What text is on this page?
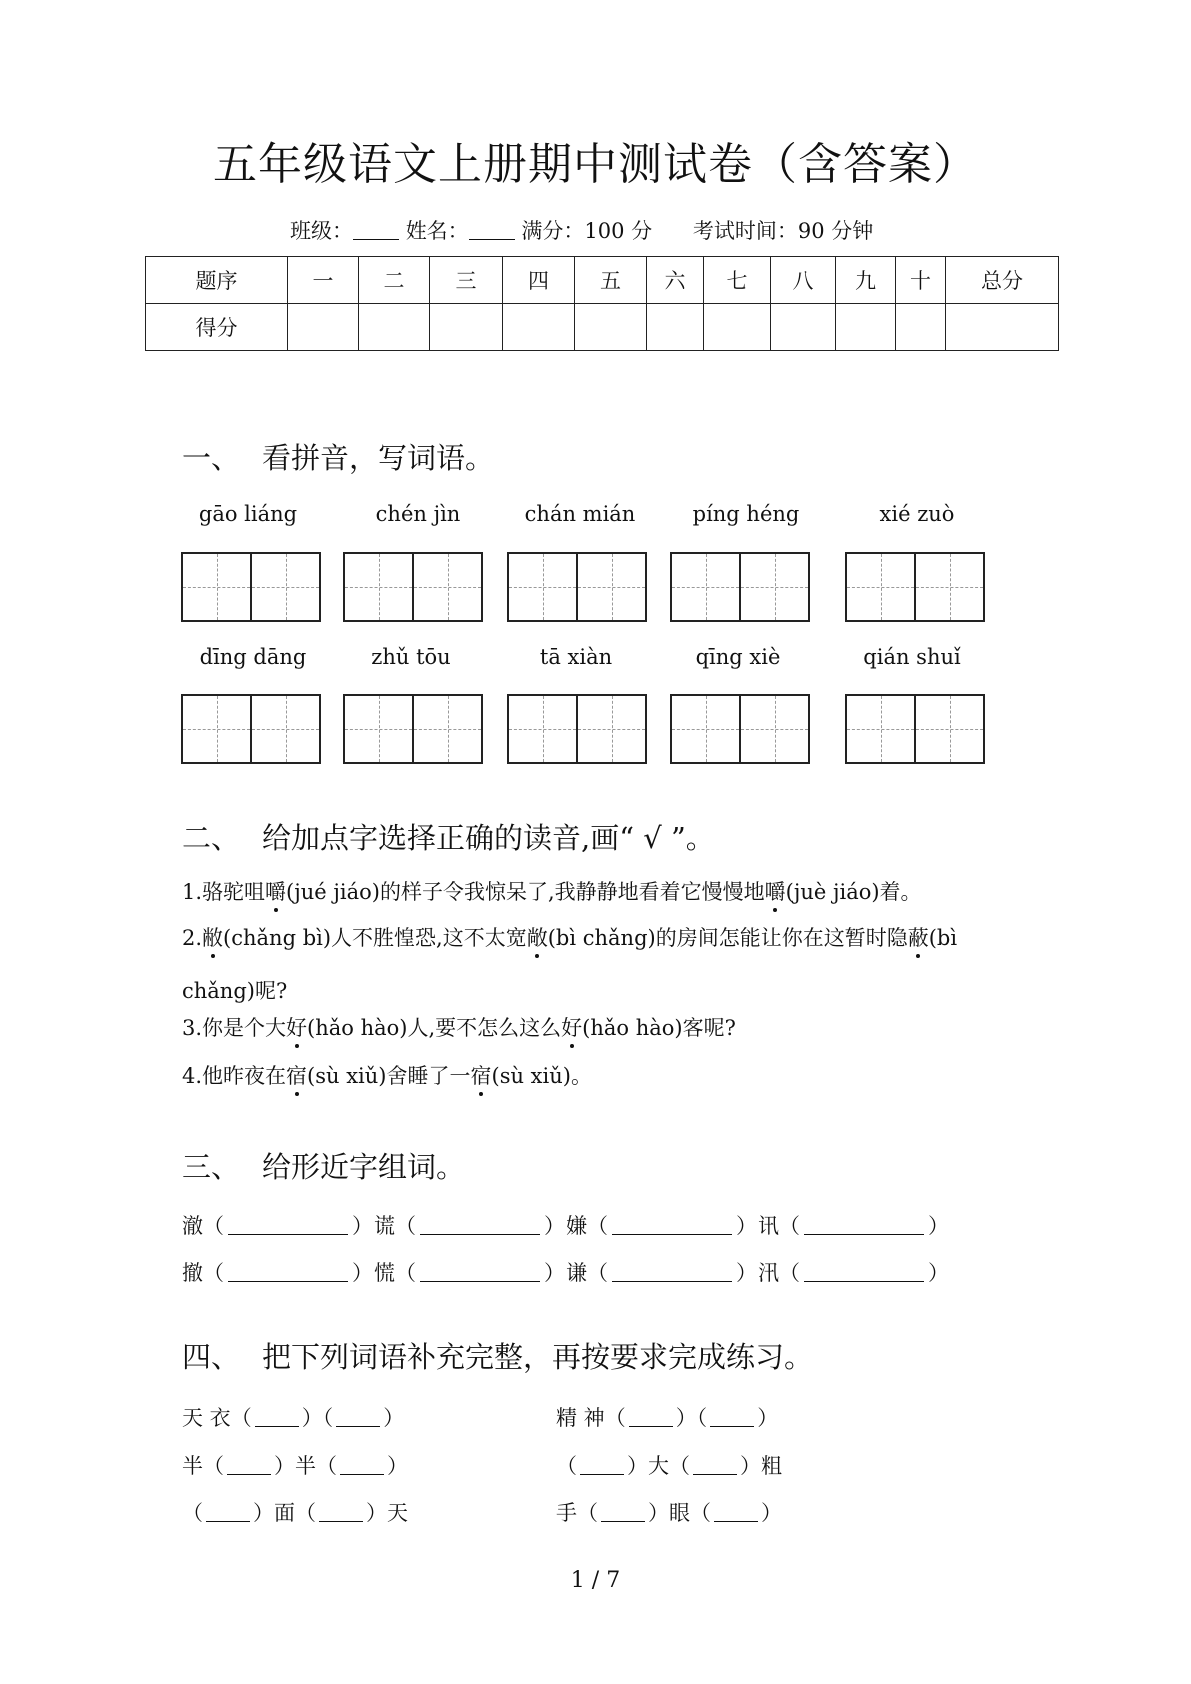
五年级语文上册期中测试卷（含答案）
班级：	姓名：	满分：100 分 考试时间：90 分钟
题序	一	二	三	四	五	六	七	八	九	十	总分
得分											
一、 看拼音，写词语。
gāo liáng	chén jìn	chán mián	píng héng	xié zuò
dīng dāng	zhǔ tōu	tā xiàn	qīng xiè	qián shuǐ
二、 给加点字选择正确的读音,画“ √ ”。
1.骆驼咀嚼(jué jiáo)的样子令我惊呆了,我静静地看着它慢慢地嚼(juè jiáo)着。
2.敝(chǎng bì)人不胜惶恐,这不太宽敞(bì chǎng)的房间怎能让你在这暂时隐蔽(bì
chǎng)呢?
3.你是个大好(hǎo hào)人,要不怎么这么好(hǎo hào)客呢?
4.他昨夜在宿(sù xiǔ)舍睡了一宿(sù xiǔ)。
三、 给形近字组词。
澈（	）谎（	）嫌（	）讯（	）
撤（	）慌（	）谦（	）汛（	）
四、 把下列词语补充完整，再按要求完成练习。
天 衣（ ）（ ）	精 神（ ）（ ）
半（ ）半（ ）	（ ）大（ ）粗
（ ）面（ ）天	手（ ）眼（ ）
1 / 7
